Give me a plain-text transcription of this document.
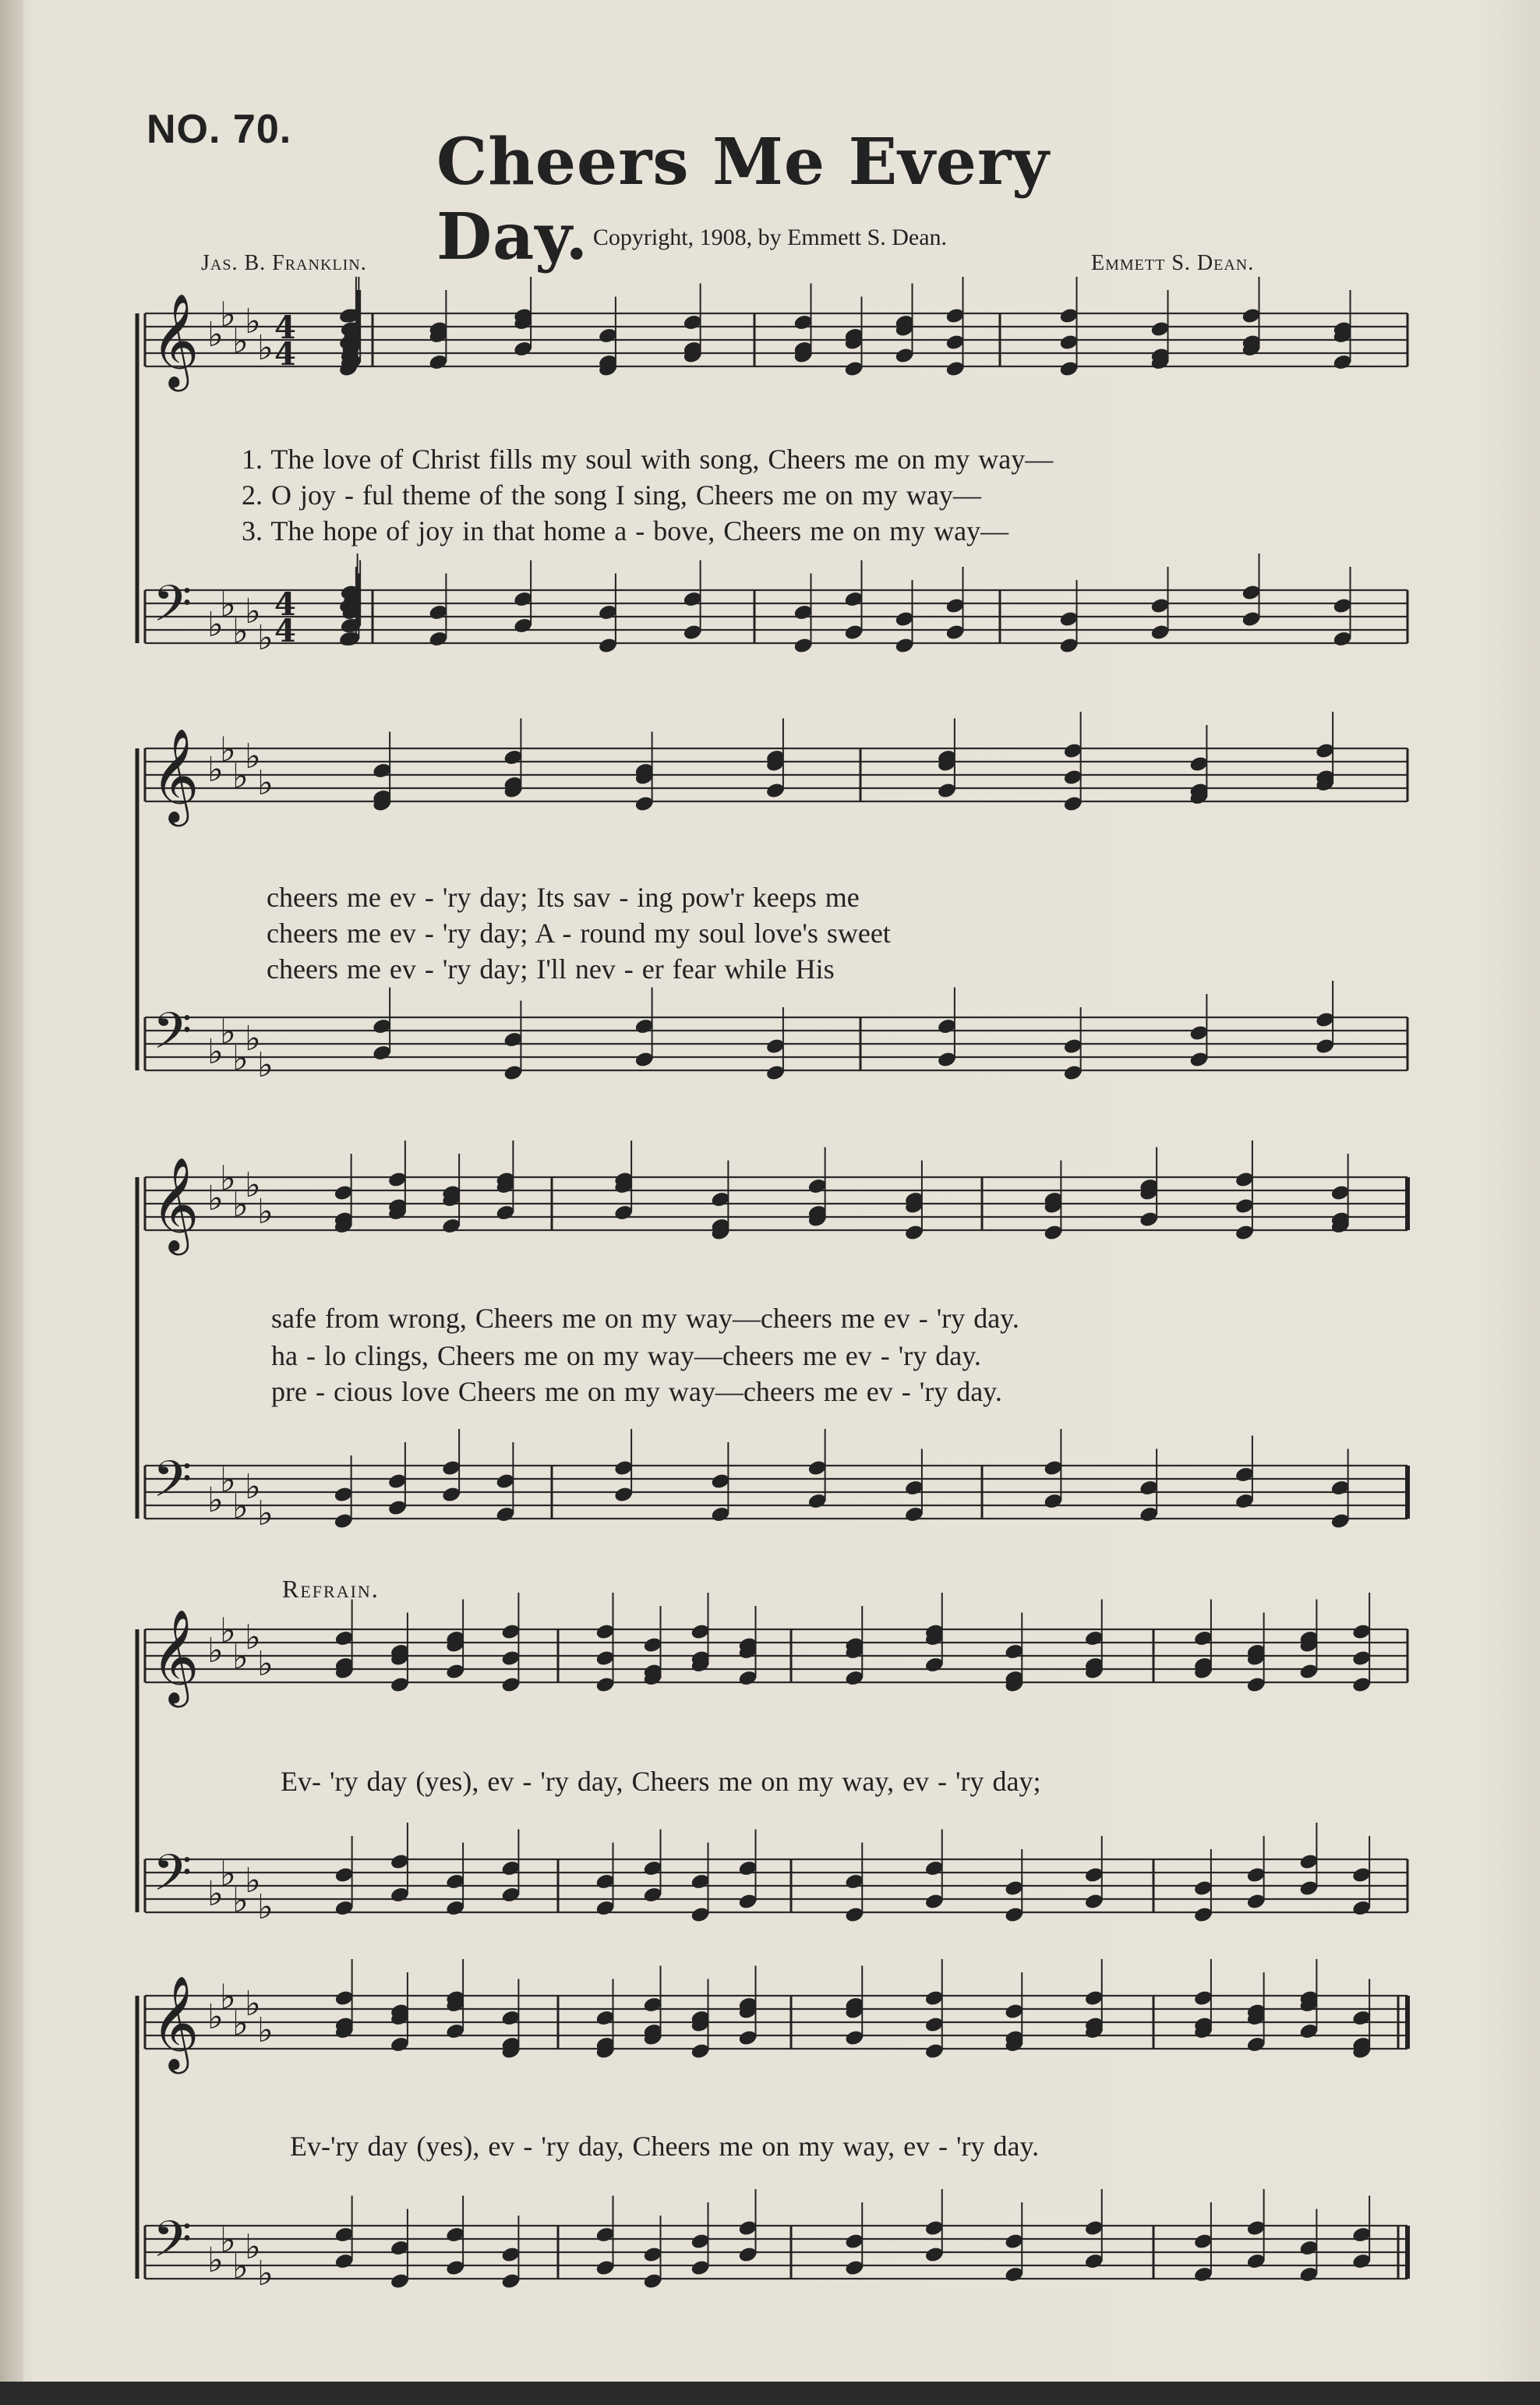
NO. 70. Cheers Me Every Day. Copyright, 1908, by Emmett S. Dean.
Jas. B. Franklin.	Emmett S. Dean.
𝄞
𝄢
♭
♭
♭
♭
♭
♭
♭
♭
♭
♭
4
4
4
4
𝄞
𝄢
♭
♭
♭
♭
♭
♭
♭
♭
♭
♭
𝄞
𝄢
♭
♭
♭
♭
♭
♭
♭
♭
♭
♭
𝄞
𝄢
♭
♭
♭
♭
♭
♭
♭
♭
♭
♭
𝄞
𝄢
♭
♭
♭
♭
♭
♭
♭
♭
♭
♭
1. The love of Christ fills my soul with song, Cheers me on my way—
2. O joy - ful theme of the song I sing, Cheers me on my way—
3. The hope of joy in that home a - bove, Cheers me on my way—
cheers me ev - 'ry day; Its sav - ing pow'r keeps me
cheers me ev - 'ry day; A - round my soul love's sweet
cheers me ev - 'ry day; I'll nev - er fear while His
safe from wrong, Cheers me on my way—cheers me ev - 'ry day.
ha - lo clings, Cheers me on my way—cheers me ev - 'ry day.
pre - cious love Cheers me on my way—cheers me ev - 'ry day.
Refrain.
Ev- 'ry day (yes), ev - 'ry day, Cheers me on my way, ev - 'ry day;
Ev-'ry day (yes), ev - 'ry day, Cheers me on my way, ev - 'ry day.
